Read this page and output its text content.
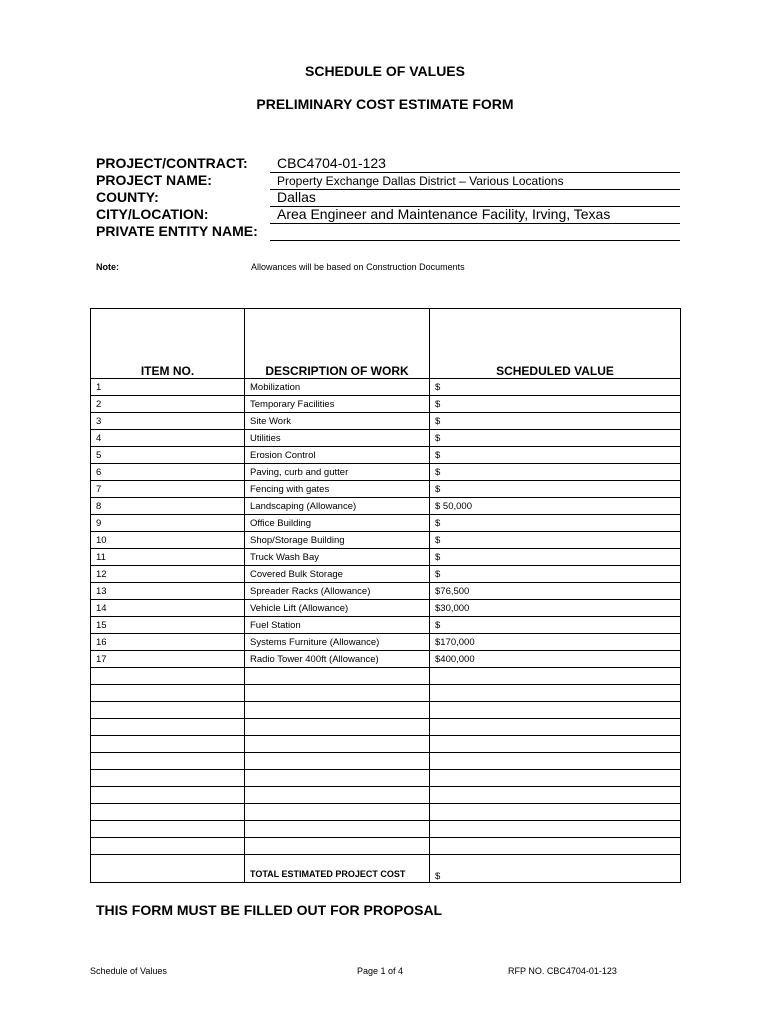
SCHEDULE OF VALUES
PRELIMINARY COST ESTIMATE FORM
PROJECT/CONTRACT: CBC4704-01-123
PROJECT NAME:	Property Exchange Dallas District – Various Locations
COUNTY:	Dallas
CITY/LOCATION:	Area Engineer and Maintenance Facility, Irving, Texas
PRIVATE ENTITY NAME:
Note:	Allowances will be based on Construction Documents

ITEM NO.	DESCRIPTION OF WORK	SCHEDULED VALUE
1	Mobilization	$
2	Temporary Facilities	$
3	Site Work	$
4	Utilities	$
5	Erosion Control	$
6	Paving, curb and gutter	$
7	Fencing with gates	$
8	Landscaping (Allowance)	$ 50,000
9	Office Building	$
10	Shop/Storage Building	$
11	Truck Wash Bay	$
12	Covered Bulk Storage	$
13	Spreader Racks (Allowance)	$76,500
14	Vehicle Lift (Allowance)	$30,000
15	Fuel Station	$
16	Systems Furniture (Allowance)	$170,000
17	Radio Tower 400ft (Allowance)	$400,000

	TOTAL ESTIMATED PROJECT COST	$
THIS FORM MUST BE FILLED OUT FOR PROPOSAL
Schedule of Values	Page 1 of 4	RFP NO. CBC4704-01-123
